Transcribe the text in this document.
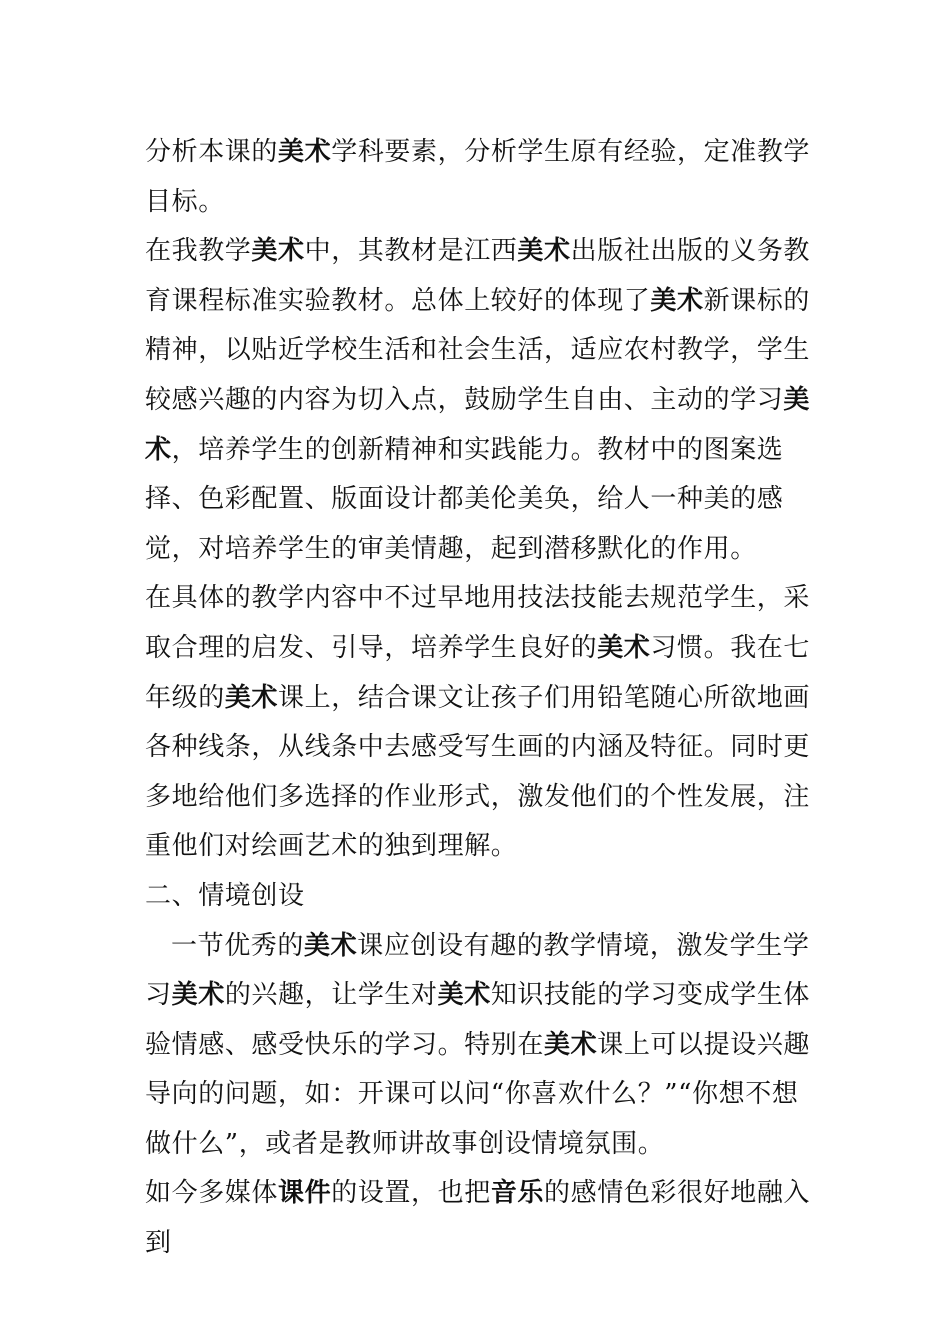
分析本课的美术学科要素，分析学生原有经验，定准教学目标。

在我教学美术中，其教材是江西美术出版社出版的义务教育课程标准实验教材。总体上较好的体现了美术新课标的精神，以贴近学校生活和社会生活，适应农村教学，学生较感兴趣的内容为切入点，鼓励学生自由、主动的学习美术，培养学生的创新精神和实践能力。教材中的图案选择、色彩配置、版面设计都美伦美奂，给人一种美的感觉，对培养学生的审美情趣，起到潜移默化的作用。

在具体的教学内容中不过早地用技法技能去规范学生，采取合理的启发、引导，培养学生良好的美术习惯。我在七年级的美术课上，结合课文让孩子们用铅笔随心所欲地画各种线条，从线条中去感受写生画的内涵及特征。同时更多地给他们多选择的作业形式，激发他们的个性发展，注重他们对绘画艺术的独到理解。

二、情境创设

一节优秀的美术课应创设有趣的教学情境，激发学生学习美术的兴趣，让学生对美术知识技能的学习变成学生体验情感、感受快乐的学习。特别在美术课上可以提设兴趣导向的问题，如：开课可以问“你喜欢什么？”“你想不想做什么”，或者是教师讲故事创设情境氛围。

如今多媒体课件的设置，也把音乐的感情色彩很好地融入到
